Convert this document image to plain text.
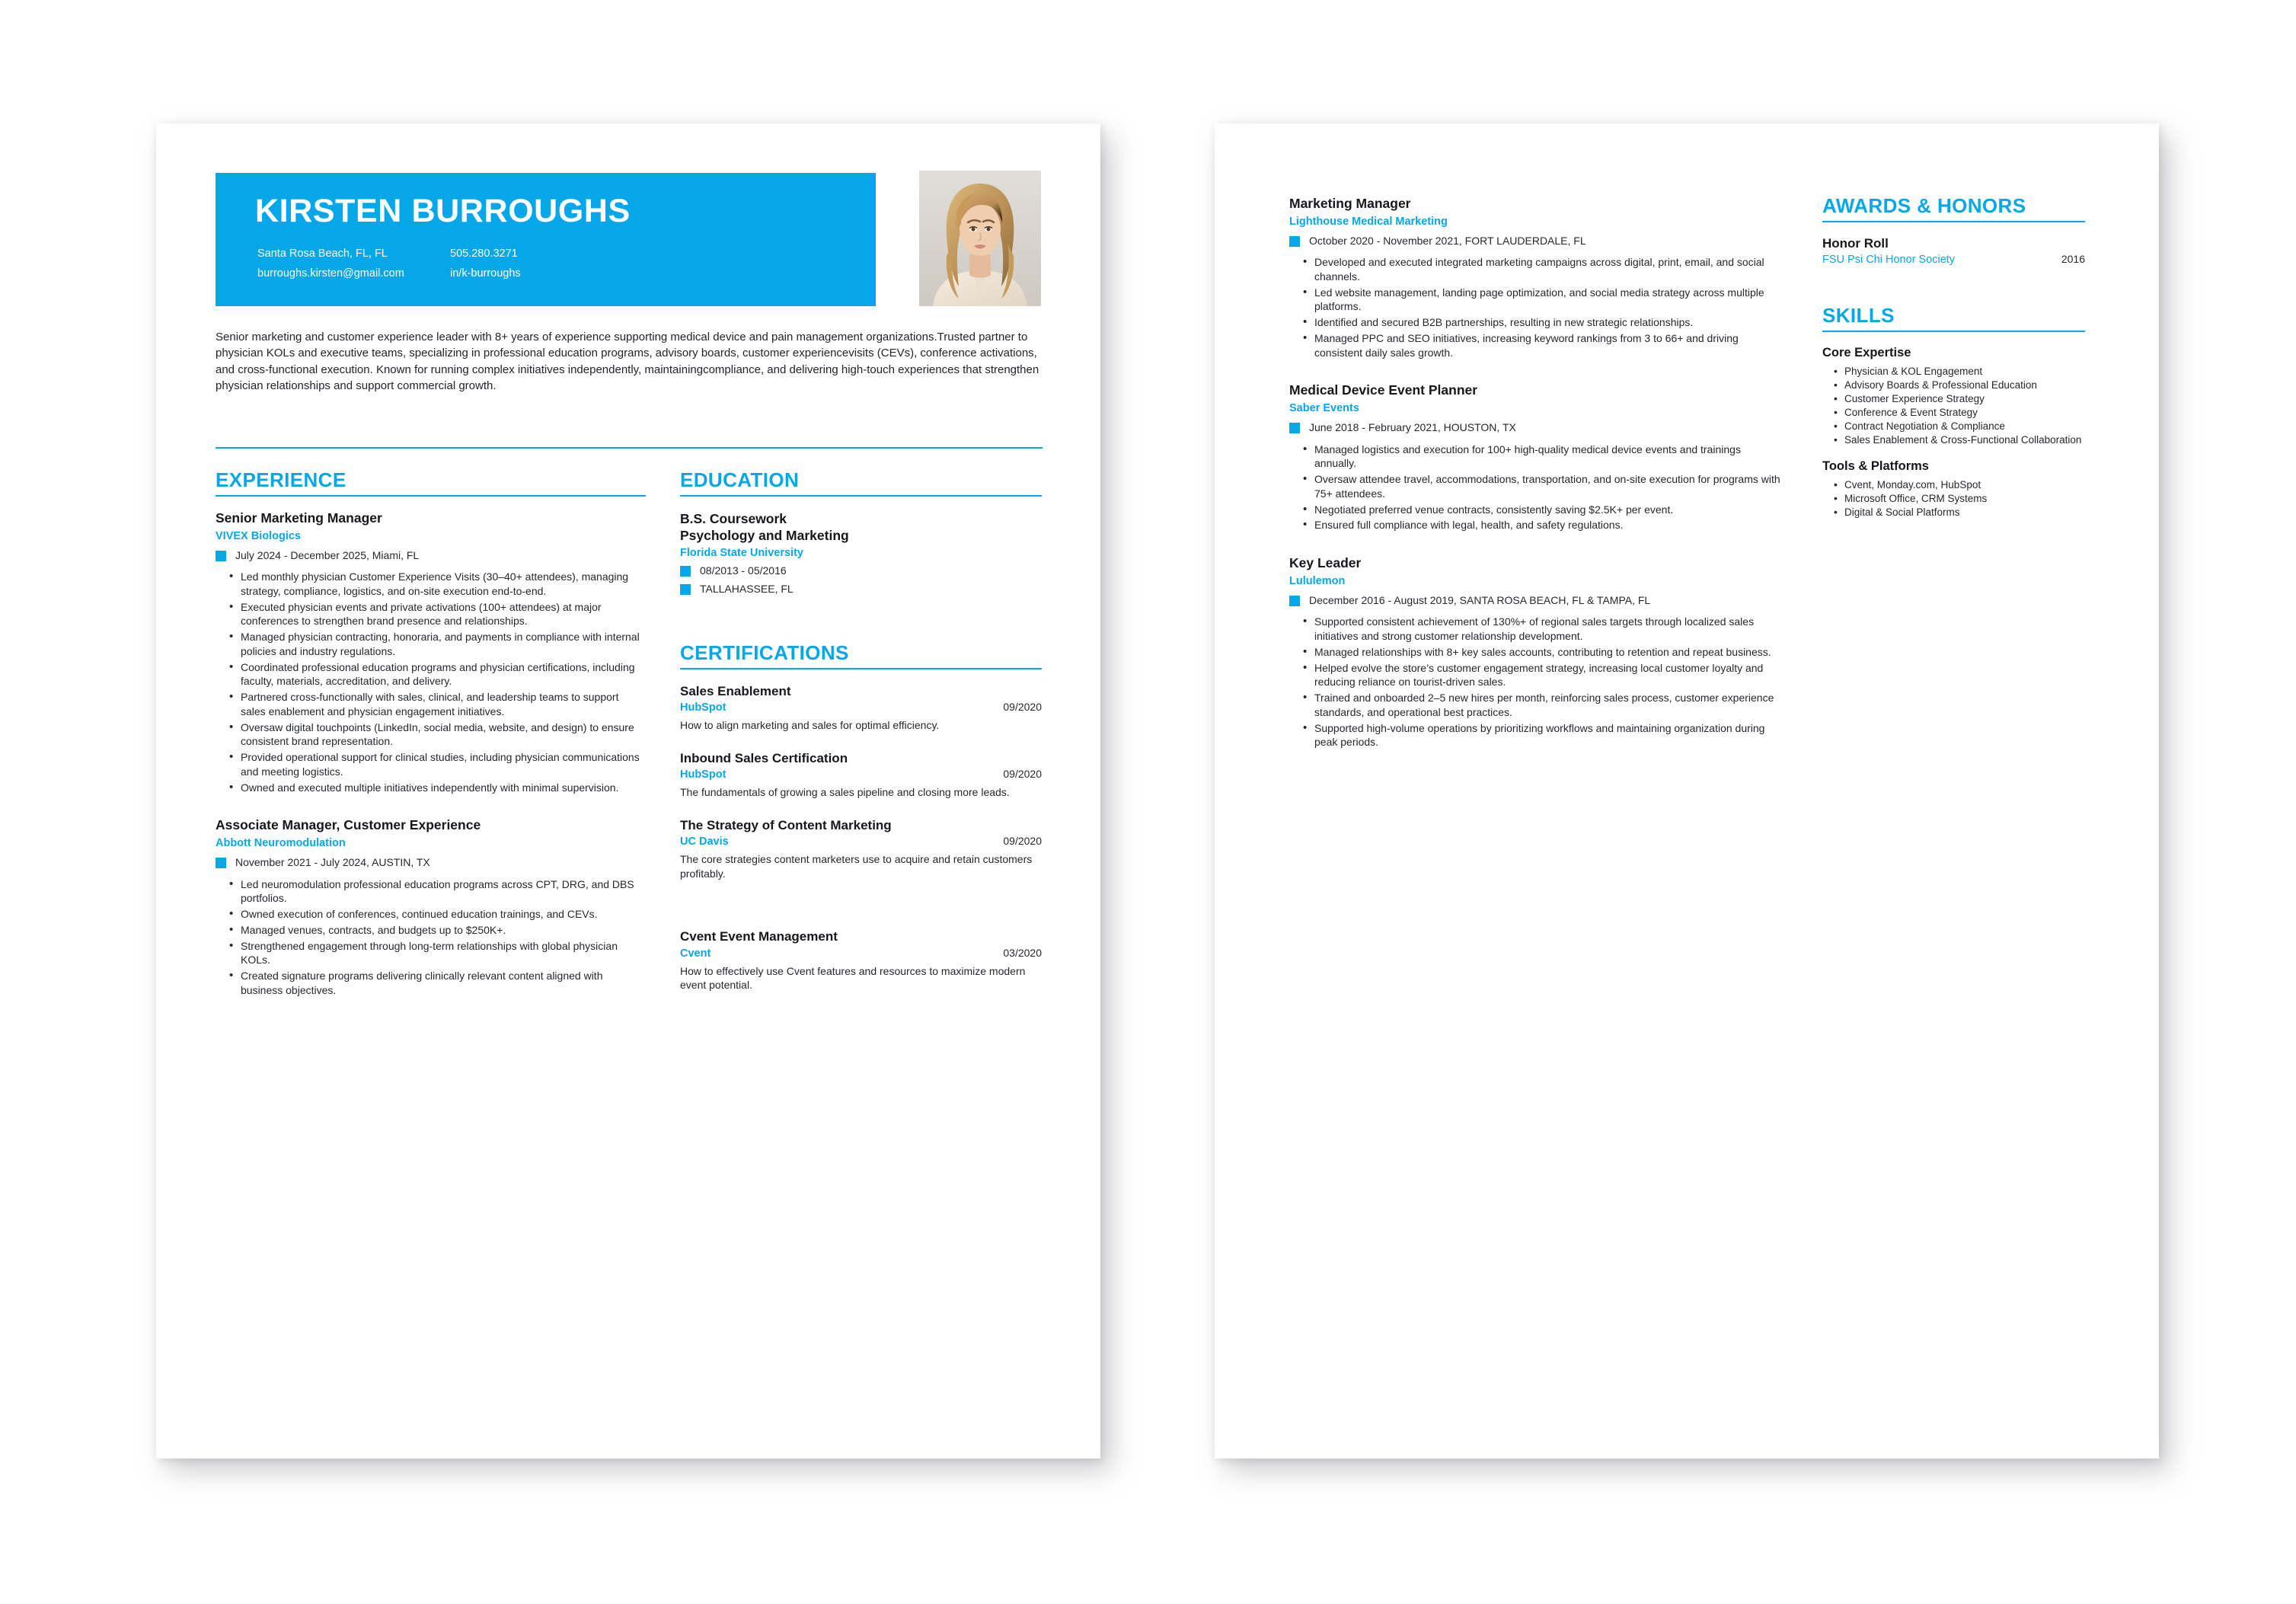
KIRSTEN BURROUGHS
Santa Rosa Beach, FL, FL	505.280.3271
burroughs.kirsten@gmail.com	in/k-burroughs
Senior marketing and customer experience leader with 8+ years of experience supporting medical device and pain management organizations.Trusted partner to physician KOLs and executive teams, specializing in professional education programs, advisory boards, customer experiencevisits (CEVs), conference activations, and cross-functional execution. Known for running complex initiatives independently, maintainingcompliance, and delivering high-touch experiences that strengthen physician relationships and support commercial growth.
EXPERIENCE
Senior Marketing Manager
VIVEX Biologics
July 2024 - December 2025, Miami, FL
• Led monthly physician Customer Experience Visits (30–40+ attendees), managing strategy, compliance, logistics, and on-site execution end-to-end.
• Executed physician events and private activations (100+ attendees) at major conferences to strengthen brand presence and relationships.
• Managed physician contracting, honoraria, and payments in compliance with internal policies and industry regulations.
• Coordinated professional education programs and physician certifications, including faculty, materials, accreditation, and delivery.
• Partnered cross-functionally with sales, clinical, and leadership teams to support sales enablement and physician engagement initiatives.
• Oversaw digital touchpoints (LinkedIn, social media, website, and design) to ensure consistent brand representation.
• Provided operational support for clinical studies, including physician communications and meeting logistics.
• Owned and executed multiple initiatives independently with minimal supervision.
Associate Manager, Customer Experience
Abbott Neuromodulation
November 2021 - July 2024, AUSTIN, TX
• Led neuromodulation professional education programs across CPT, DRG, and DBS portfolios.
• Owned execution of conferences, continued education trainings, and CEVs.
• Managed venues, contracts, and budgets up to $250K+.
• Strengthened engagement through long-term relationships with global physician KOLs.
• Created signature programs delivering clinically relevant content aligned with business objectives.
EDUCATION
B.S. Coursework
Psychology and Marketing
Florida State University
08/2013 - 05/2016
TALLAHASSEE, FL
CERTIFICATIONS
Sales Enablement
HubSpot	09/2020
How to align marketing and sales for optimal efficiency.
Inbound Sales Certification
HubSpot	09/2020
The fundamentals of growing a sales pipeline and closing more leads.
The Strategy of Content Marketing
UC Davis	09/2020
The core strategies content marketers use to acquire and retain customers profitably.
Cvent Event Management
Cvent	03/2020
How to effectively use Cvent features and resources to maximize modern event potential.
Marketing Manager
Lighthouse Medical Marketing
October 2020 - November 2021, FORT LAUDERDALE, FL
• Developed and executed integrated marketing campaigns across digital, print, email, and social channels.
• Led website management, landing page optimization, and social media strategy across multiple platforms.
• Identified and secured B2B partnerships, resulting in new strategic relationships.
• Managed PPC and SEO initiatives, increasing keyword rankings from 3 to 66+ and driving consistent daily sales growth.
Medical Device Event Planner
Saber Events
June 2018 - February 2021, HOUSTON, TX
• Managed logistics and execution for 100+ high-quality medical device events and trainings annually.
• Oversaw attendee travel, accommodations, transportation, and on-site execution for programs with 75+ attendees.
• Negotiated preferred venue contracts, consistently saving $2.5K+ per event.
• Ensured full compliance with legal, health, and safety regulations.
Key Leader
Lululemon
December 2016 - August 2019, SANTA ROSA BEACH, FL & TAMPA, FL
• Supported consistent achievement of 130%+ of regional sales targets through localized sales initiatives and strong customer relationship development.
• Managed relationships with 8+ key sales accounts, contributing to retention and repeat business.
• Helped evolve the store’s customer engagement strategy, increasing local customer loyalty and reducing reliance on tourist-driven sales.
• Trained and onboarded 2–5 new hires per month, reinforcing sales process, customer experience standards, and operational best practices.
• Supported high-volume operations by prioritizing workflows and maintaining organization during peak periods.
AWARDS & HONORS
Honor Roll
FSU Psi Chi Honor Society	2016
SKILLS
Core Expertise
• Physician & KOL Engagement
• Advisory Boards & Professional Education
• Customer Experience Strategy
• Conference & Event Strategy
• Contract Negotiation & Compliance
• Sales Enablement & Cross-Functional Collaboration
Tools & Platforms
• Cvent, Monday.com, HubSpot
• Microsoft Office, CRM Systems
• Digital & Social Platforms
